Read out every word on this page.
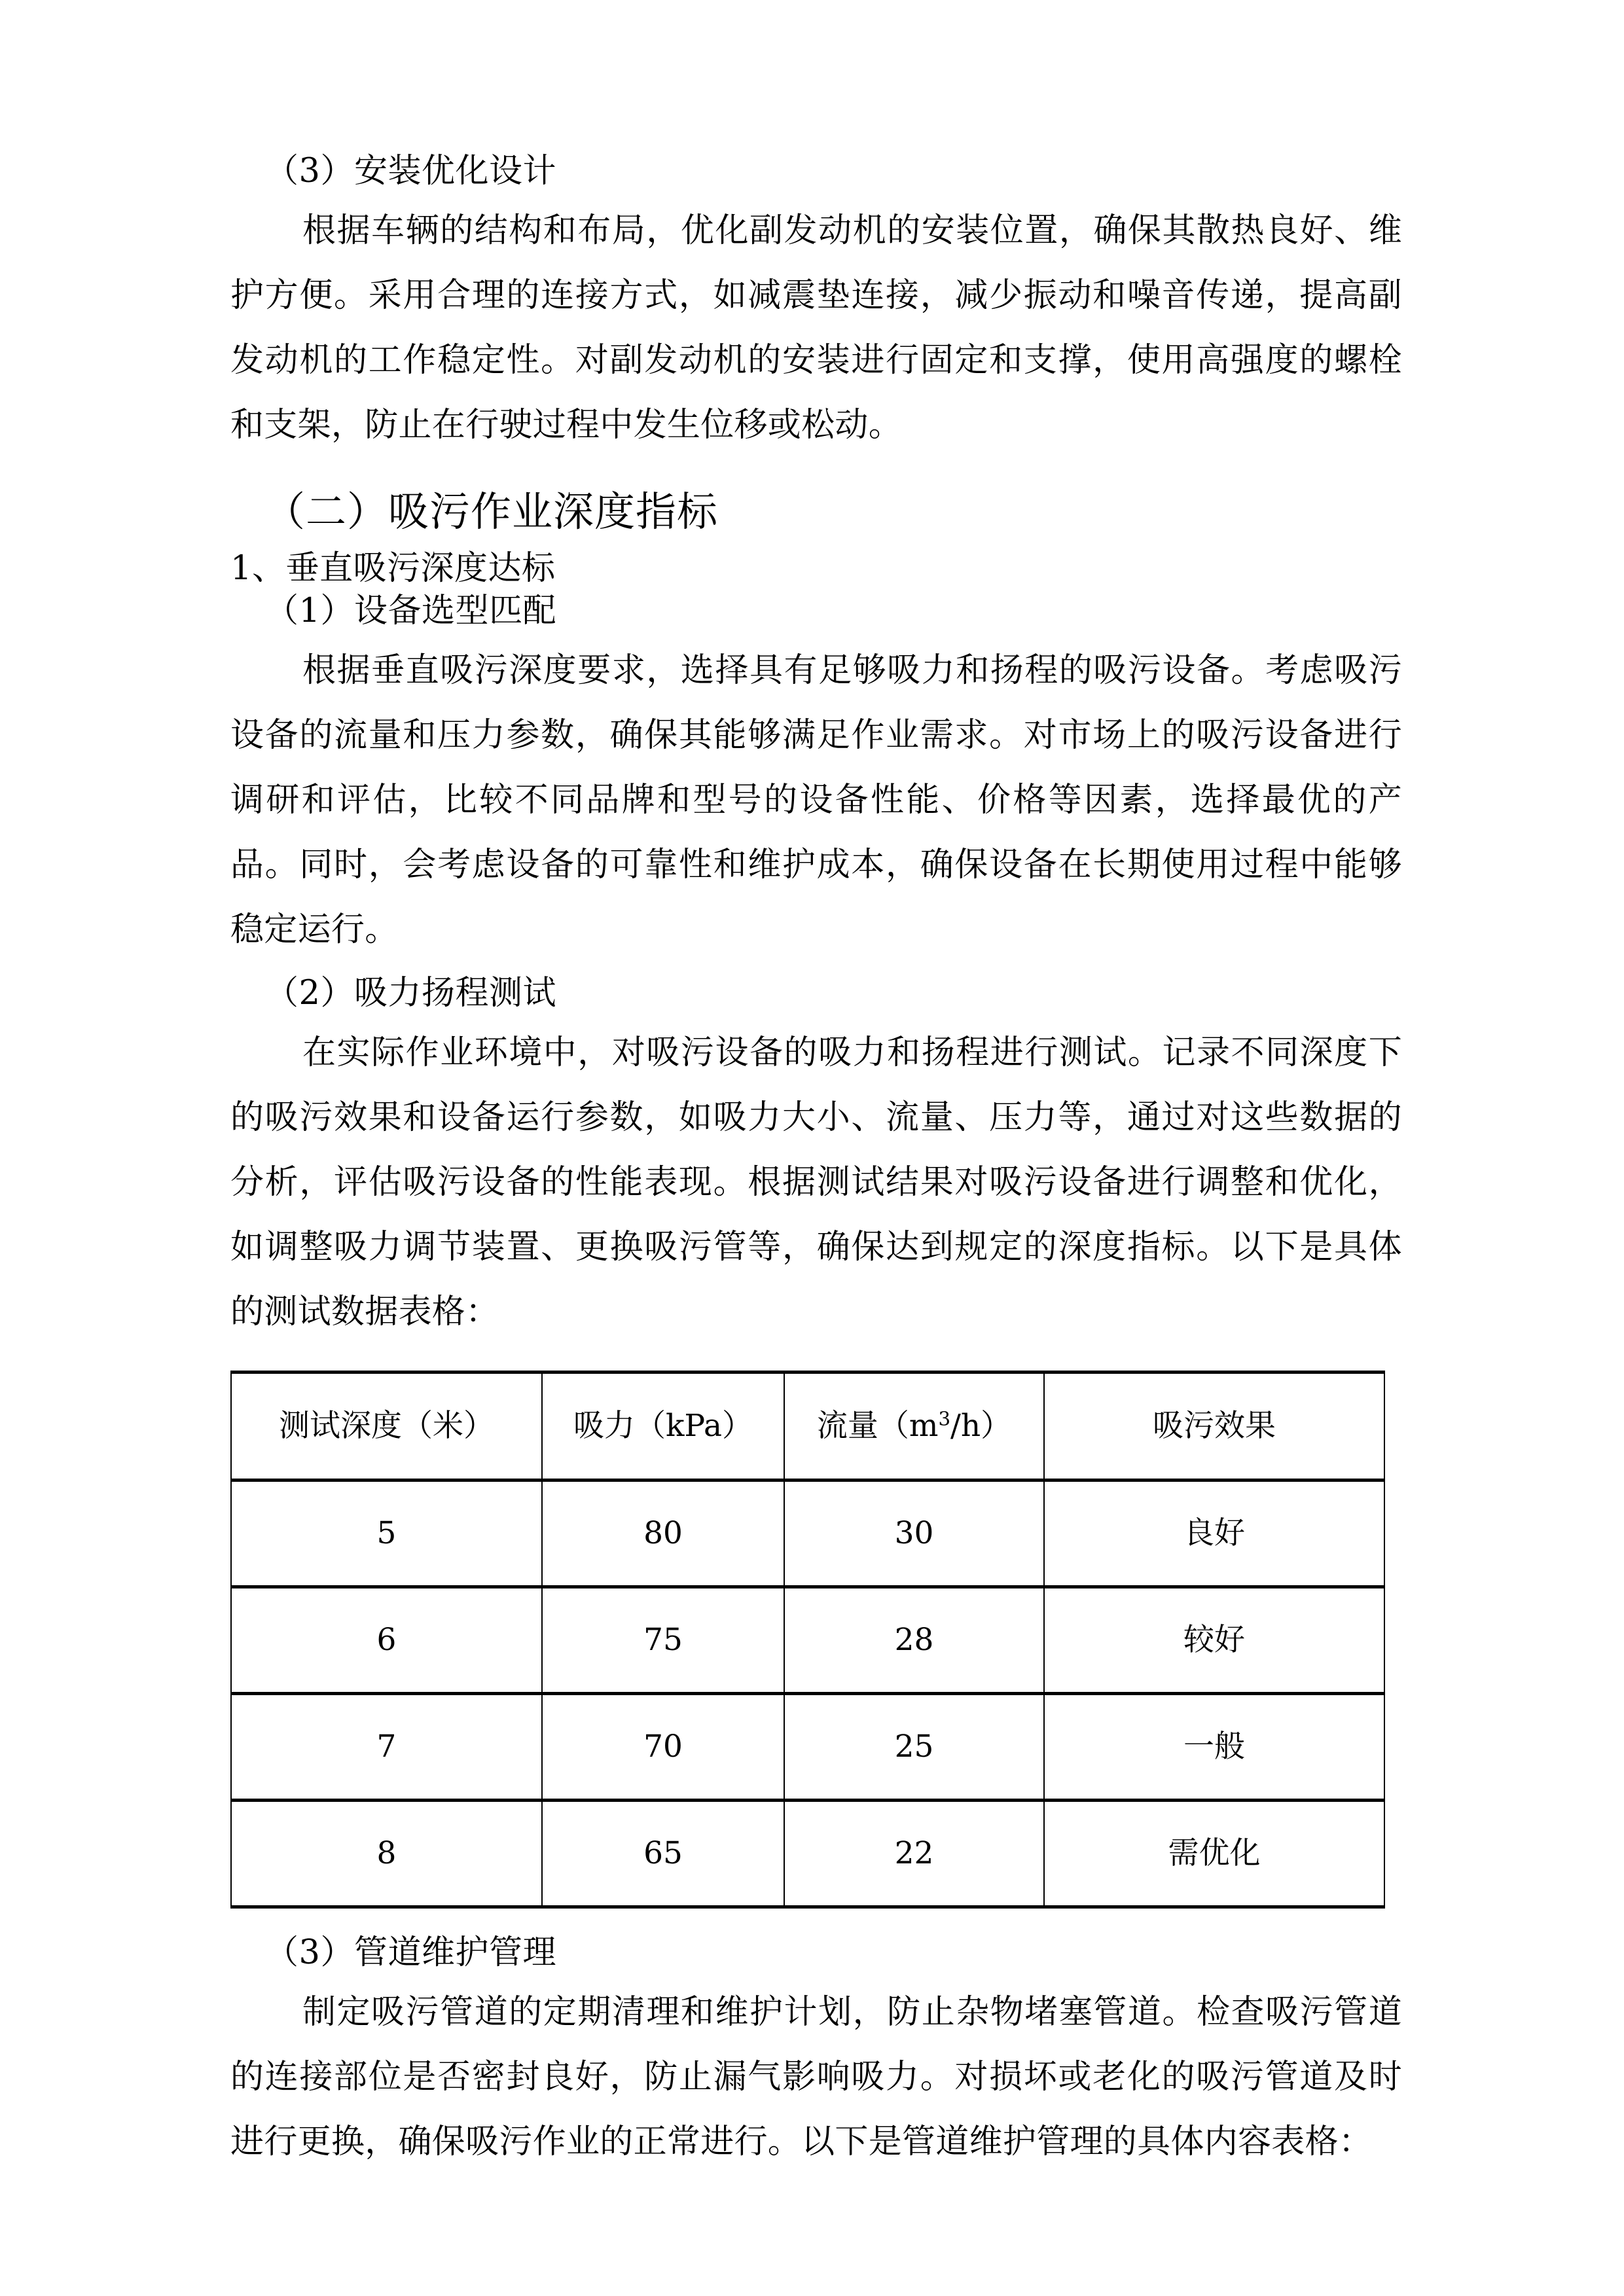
（3）安装优化设计

根据车辆的结构和布局，优化副发动机的安装位置，确保其散热良好、维护方便。采用合理的连接方式，如减震垫连接，减少振动和噪音传递，提高副发动机的工作稳定性。对副发动机的安装进行固定和支撑，使用高强度的螺栓和支架，防止在行驶过程中发生位移或松动。

（二）吸污作业深度指标
1、垂直吸污深度达标
（1）设备选型匹配

根据垂直吸污深度要求，选择具有足够吸力和扬程的吸污设备。考虑吸污设备的流量和压力参数，确保其能够满足作业需求。对市场上的吸污设备进行调研和评估，比较不同品牌和型号的设备性能、价格等因素，选择最优的产品。同时，会考虑设备的可靠性和维护成本，确保设备在长期使用过程中能够稳定运行。

（2）吸力扬程测试

在实际作业环境中，对吸污设备的吸力和扬程进行测试。记录不同深度下的吸污效果和设备运行参数，如吸力大小、流量、压力等，通过对这些数据的分析，评估吸污设备的性能表现。根据测试结果对吸污设备进行调整和优化，如调整吸力调节装置、更换吸污管等，确保达到规定的深度指标。以下是具体的测试数据表格：

测试深度（米）	吸力（kPa）	流量$(m^3/h)$	吸污效果
5	80	30	良好
6	75	28	较好
7	70	25	一般
8	65	22	需优化
（3）管道维护管理

制定吸污管道的定期清理和维护计划，防止杂物堵塞管道。检查吸污管道的连接部位是否密封良好，防止漏气影响吸力。对损坏或老化的吸污管道及时进行更换，确保吸污作业的正常进行。以下是管道维护管理的具体内容表格：
